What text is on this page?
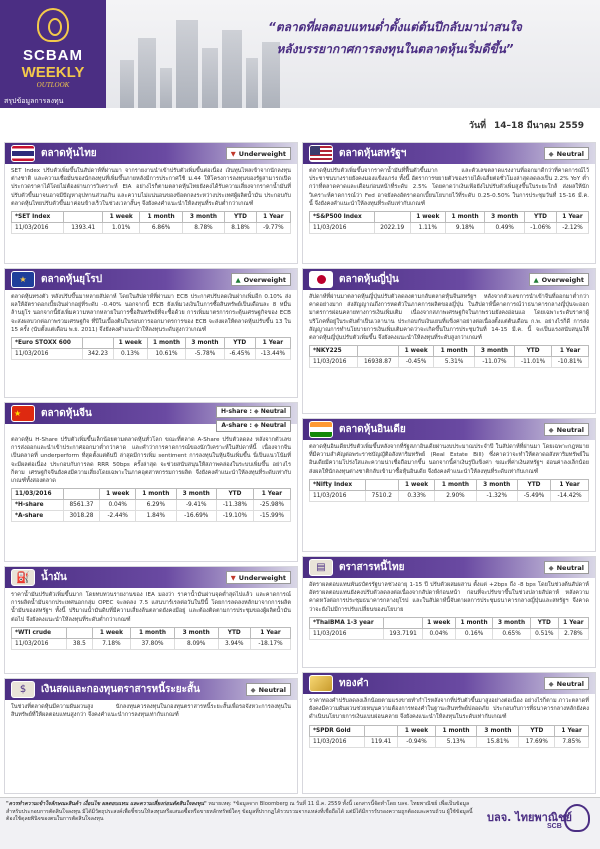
SCBAM
WEEKLY
OUTLOOK
สรุปข้อมูลการลงทุน
“ตลาดที่ผลตอบแทนต่ำตั้งแต่ต้นปีกลับมาน่าสนใจ
หลังบรรยากาศการลงทุนในตลาดหุ้นเริ่มดีขึ้น”
วันที่ 14–18 มีนาคม 2559
ตลาดหุ้นไทย	▼ Underweight
SET Index ปรับตัวเพิ่มขึ้นในสัปดาห์ที่ผ่านมา จากรายงานนำเข้าปรับตัวเพิ่มขึ้นต่อเนื่อง เงินทุนไหลเข้าจากนักลงทุนต่างชาติ และความเชื่อมั่นของนักลงทุนที่เพิ่มขึ้นภายหลังมีการประกาศใช้ ม.44 ให้โครงการลงทุนของรัฐสามารถเปิดประกวดราคาได้โดยไม่ต้องผ่านการวิเคราะห์ EIA อย่างไรก็ตามตลาดหุ้นไทยยังคงได้รับความเสี่ยงจากราคาน้ำมันที่ปรับตัวขึ้นมาจนอาจมีปัญหาอุปทานส่วนเกิน และความไม่แน่นอนของข้อตกลงระหว่างประเทศผู้ผลิตน้ำมัน ประกอบกับตลาดหุ้นไทยปรับตัวขึ้นมาค่อนข้างเร็วในช่วงเวลาสั้นๆ จึงยังคงคำแนะนำให้ลงทุนที่ระดับต่ำกว่าเกณฑ์
*SET Index		1 week	1 month	3 month	YTD	1 Year
11/03/2016	1393.41	1.01%	6.86%	8.78%	8.18%	-9.77%
★	ตลาดหุ้นยุโรป	▲ Overweight
ตลาดหุ้นทรงตัว หลังปรับขึ้นมาหลายสัปดาห์ โดยในสัปดาห์ที่ผ่านมา ECB ประกาศปรับลดเงินฝากเพิ่มอีก 0.10% ส่งผลให้อัตราดอกเบี้ยเงินฝากอยู่ที่ระดับ -0.40% นอกจากนี้ ECB ยังเพิ่มวงเงินในการซื้อสินทรัพย์เป็นเดือนละ 8 หมื่นล้านยูโร นอกจากนี้ยังเพิ่มความหลากหลายในการซื้อสินทรัพย์ที่จะซื้อด้วย การเพิ่มมาตรการกระตุ้นเศรษฐกิจของ ECB จะส่งผลบวกต่อภาพรวมเศรษฐกิจ ที่ปีในเบื้องต้นในรอบการออกมาตรการของ ECB จะส่งผลให้ตลาดหุ้นปรับขึ้น 13 ใน 15 ครั้ง (นับตั้งแต่เดือน พ.ย. 2011) จึงยังคงคำแนะนำให้ลงทุนระดับสูงกว่าเกณฑ์
*Euro STOXX 600		1 week	1 month	3 month	YTD	1 Year
11/03/2016	342.23	0.13%	10.61%	-5.78%	-6.45%	-13.44%
★	ตลาดหุ้นจีน	H-share : ◆ Neutral
A-share : ◆ Neutral
ตลาดหุ้น H-Share ปรับตัวเพิ่มขึ้นเล็กน้อยตามตลาดหุ้นทั่วโลก ขณะที่ตลาด A-Share ปรับตัวลดลง หลังจากตัวเลขการส่งออกและนำเข้าประกาศออกมาต่ำกว่าคาด และคำว่าการคาดการณ์ของนักวิเคราะห์ในสัปดาห์นี้ เนื่องจากจีนเป็นตลาดที่ underperform ที่สุดตั้งแต่ต้นปี ล่าสุดมีการเพิ่ม sentiment การลงทุนในหุ้นจีนเพิ่มขึ้น นี่เป็นแนวโน้มที่จะมีผลต่อเนื่อง ประกอบกับการลด RRR 50bps ครั้งล่าสุด จะช่วยสนับสนุนให้สภาพคล่องในระบบเพิ่มขึ้น อย่างไรก็ตาม เศรษฐกิจจีนยังคงมีความเสี่ยงโดยเฉพาะในภาคอุตสาหกรรมการผลิต จึงยังคงคำแนะนำให้ลงทุนที่ระดับเท่ากับเกณฑ์ทั้งสองตลาด
11/03/2016		1 week	1 month	3 month	YTD	1 Year
*H-share	8561.37	0.04%	6.29%	-9.41%	-11.38%	-25.98%
*A-share	3018.28	-2.44%	1.84%	-16.69%	-19.10%	-15.99%
⛽	น้ำมัน	▼ Underweight
ราคาน้ำมันปรับตัวเพิ่มขึ้นมาก โดยทบทวนรายงานของ IEA มองว่า ราคาน้ำมันผ่านจุดต่ำสุดไปแล้ว และคาดการณ์การผลิตน้ำมันจากประเทศนอกกลุ่ม OPEC จะลดลง 7.5 แสนบาร์เรลต่อวันในปีนี้ โดยการลดลงหลักมาจากการผลิตน้ำมันของสหรัฐฯ ทั้งนี้ ปริมาณน้ำมันดิบที่มีความเสี่ยงล้นตลาดยังคงมีอยู่ และต้องติดตามการประชุมของผู้ผลิตน้ำมันต่อไป จึงยังคงแนะนำให้ลงทุนที่ระดับต่ำกว่าเกณฑ์
*WTI crude		1 week	1 month	3 month	YTD	1 Year
11/03/2016	38.5	7.18%	37.80%	8.09%	3.94%	-18.17%
$	เงินสดและกองทุนตราสารหนี้ระยะสั้น	◆ Neutral
ในช่วงที่ตลาดหุ้นมีความผันผวนสูง นักลงทุนควรลงทุนในกองทุนตราสารหนี้ระยะสั้นเพื่อรอจังหวะการลงทุนในสินทรัพย์ที่ให้ผลตอบแทนสูงกว่า จึงคงคำแนะนำการลงทุนเท่ากับเกณฑ์
ตลาดหุ้นสหรัฐฯ	◆ Neutral
ตลาดหุ้นปรับตัวเพิ่มขึ้นจากราคาน้ำมันที่ฟื้นตัวขึ้นมาก และตัวเลขตลาดแรงงานที่ออกมาดีกว่าที่คาดการณ์ไว้ ประชาชนบางรายยังคงมองแข็งแกร่ง ทั้งนี้ อัตราการขยายตัวของรายได้เฉลี่ยต่อชั่วโมงล่าสุดลดลงเป็น 2.2% YoY ต่ำกว่าที่ตลาดคาดและเดือนก่อนหน้าที่ระดับ 2.5% โดยคาดว่าเงินเฟ้อยังไม่ปรับตัวเพิ่มสูงขึ้นในระยะใกล้ ส่งผลให้นักวิเคราะห์คาดการณ์ว่า Fed อาจยังคงอัตราดอกเบี้ยนโยบายไว้ที่ระดับ 0.25-0.50% ในการประชุมวันที่ 15-16 มี.ค. นี้ จึงยังคงคำแนะนำให้ลงทุนที่ระดับเท่ากับเกณฑ์
*S&P500 Index		1 week	1 month	3 month	YTD	1 Year
11/03/2016	2022.19	1.11%	9.18%	0.49%	-1.06%	-2.12%
ตลาดหุ้นญี่ปุ่น	▲ Overweight
สัปดาห์ที่ผ่านมาตลาดหุ้นญี่ปุ่นปรับตัวลดลงตามกลับตลาดหุ้นจีนสหรัฐฯ หลังจากตัวเลขการนำเข้าจีนที่ออกมาต่ำกว่าคาดอย่างมาก ส่งสัญญาณถึงการหดตัวในภาคการผลิตของญี่ปุ่น ในสัปดาห์นี้คาดการณ์ว่าธนาคารกลางญี่ปุ่นจะออกมาตรการผ่อนคลายทางการเงินเพิ่มเติม เนื่องจากสภาพเศรษฐกิจในภาพรวมยังคงอ่อนแอ โดยเฉพาะระดับราคาผู้บริโภคที่อยู่ในระดับต่ำเป็นเวลานาน ประกอบกับเงินเยนที่แข็งค่าอย่างต่อเนื่องตั้งแต่ต้นเดือน ก.พ. อย่างไรก็ดี การส่งสัญญาณการทำนโยบายการเงินเพิ่มเติมคาดว่าจะเกิดขึ้นในการประชุมวันที่ 14-15 มี.ค. นี้ จะเป็นแรงสนับสนุนให้ตลาดหุ้นญี่ปุ่นปรับตัวเพิ่มขึ้น จึงยังคงแนะนำให้ลงทุนที่ระดับสูงกว่าเกณฑ์
*NKY225		1 week	1 month	3 month	YTD	1 Year
11/03/2016	16938.87	-0.45%	5.31%	-11.07%	-11.01%	-10.81%
ตลาดหุ้นอินเดีย	◆ Neutral
ตลาดหุ้นอินเดียปรับตัวเพิ่มขึ้นหลังจากที่รัฐสภาอินเดียผ่านงบประมาณประจำปี ในสัปดาห์ที่ผ่านมา โดยเฉพาะกฎหมายที่มีความสำคัญต่อพระราชบัญญัติอสังหาริมทรัพย์ (Real Estate Bill) ซึ่งคาดว่าจะทำให้ตลาดอสังหาริมทรัพย์ในอินเดียมีความโปร่งใสและความน่าเชื่อถือมากขึ้น นอกจากนี้ค่าเงินรูปีแข็งค่า ขณะที่ค่าเงินสหรัฐฯ อ่อนค่าลงเล็กน้อย ส่งผลให้นักลงทุนต่างชาติกลับเข้ามาซื้อหุ้นอินเดีย จึงยังคงคำแนะนำให้ลงทุนที่ระดับเท่ากับเกณฑ์
*Nifty Index		1 week	1 month	3 month	YTD	1 Year
11/03/2016	7510.2	0.33%	2.90%	-1.32%	-5.49%	-14.42%
▤	ตราสารหนี้ไทย	◆ Neutral
อัตราผลตอบแทนพันธบัตรรัฐบาลช่วงอายุ 1-15 ปี ปรับตัวผสมผสาน ตั้งแต่ +2bps ถึง -8 bps โดยในช่วงต้นสัปดาห์อัตราผลตอบแทนยังคงปรับตัวลดลงต่อเนื่องจากสัปดาห์ก่อนหน้า ก่อนที่จะปรับขาขึ้นในช่วงปลายสัปดาห์ หลังความคาดหวังต่อการประชุมธนาคารกลางยุโรป และในสัปดาห์นี้จับตาผลการประชุมธนาคารกลางญี่ปุ่นและสหรัฐฯ จึงคาดว่าจะยังไม่มีการปรับเปลี่ยนของนโยบาย
*ThaiBMA 1-3 year		1 week	1 month	3 month	YTD	1 Year
11/03/2016	193.7191	0.04%	0.16%	0.65%	0.51%	2.78%
ทองคำ	◆ Neutral
ราคาทองคำปรับลดลงเล็กน้อยตามแรงขายทำกำไรหลังจากที่ปรับตัวขึ้นมาสูงอย่างต่อเนื่อง อย่างไรก็ตาม ภาวะตลาดที่ยังคงมีความผันผวนช่วยหนุนความต้องการทองคำในฐานะสินทรัพย์ปลอดภัย ประกอบกับการที่ธนาคารกลางหลักยังคงดำเนินนโยบายการเงินแบบผ่อนคลาย จึงยังคงแนะนำให้ลงทุนในระดับเท่ากับเกณฑ์
*SPDR Gold		1 week	1 month	3 month	YTD	1 Year
11/03/2016	119.41	-0.94%	5.13%	15.81%	17.69%	7.85%
"ควรทำความเข้าใจลักษณะสินค้า เงื่อนไข ผลตอบแทน และความเสี่ยงก่อนตัดสินใจลงทุน" หมายเหตุ: *ข้อมูลจาก Bloomberg ณ วันที่ 11 มี.ค. 2559 ทั้งนี้ เอกสารนี้จัดทำโดย บลจ. ไทยพาณิชย์ เพื่อเป็นข้อมูลสำหรับประกอบการตัดสินใจลงทุน มิได้มีวัตถุประสงค์เพื่อชี้ชวนให้ลงทุนหรือเสนอซื้อหรือขายหลักทรัพย์ใดๆ ข้อมูลที่ปรากฏได้รวบรวมจากแหล่งที่เชื่อถือได้ แต่มิได้มีการรับรองความถูกต้องและครบถ้วน ผู้ใช้ข้อมูลนี้ต้องใช้ดุลยพินิจของตนในการตัดสินใจลงทุน	บลจ. ไทยพาณิชย์
SCB
